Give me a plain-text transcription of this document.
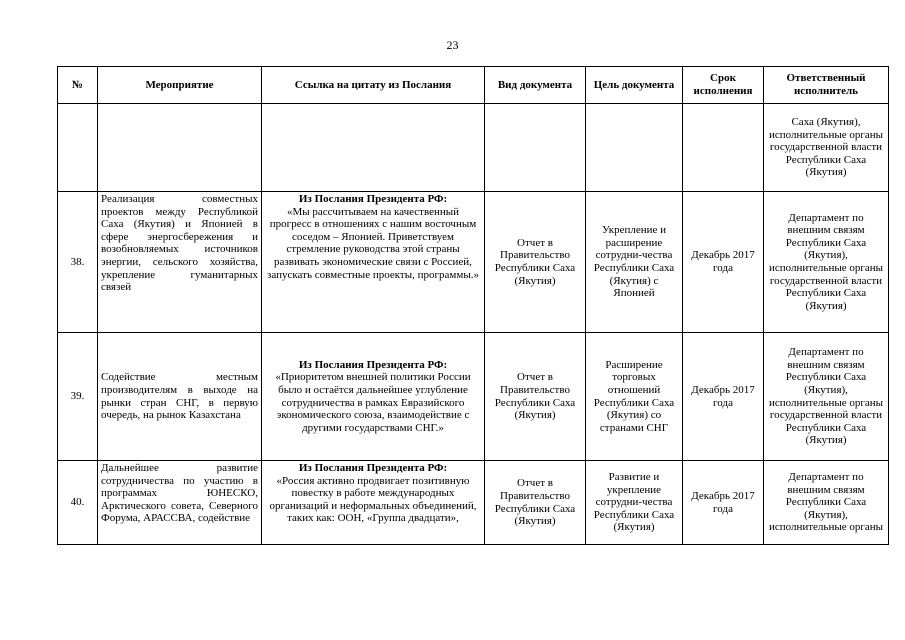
23
№	Мероприятие	Ссылка на цитату из Послания	Вид документа	Цель документа	Срок исполнения	Ответственный исполнитель
						Саха (Якутия), исполнительные органы государственной власти Республики Саха (Якутия)
38.	Реализация совместных проектов между Республикой Саха (Якутия) и Японией в сфере энергосбережения и возобновляемых источников энергии, сельского хозяйства, укрепление гуманитарных связей	Из Послания Президента РФ:
«Мы рассчитываем на качественный прогресс в отношениях с нашим восточным соседом – Японией. Приветствуем стремление руководства этой страны развивать экономические связи с Россией, запускать совместные проекты, программы.»	Отчет в Правительство Республики Саха (Якутия)	Укрепление и расширение сотрудни-чества Республики Саха (Якутия) с Японией	Декабрь 2017 года	Департамент по внешним связям Республики Саха (Якутия), исполнительные органы государственной власти Республики Саха (Якутия)
39.	Содействие местным производителям в выходе на рынки стран СНГ, в первую очередь, на рынок Казахстана	Из Послания Президента РФ:
«Приоритетом внешней политики России было и остаётся дальнейшее углубление сотрудничества в рамках Евразийского экономического союза, взаимодействие с другими государствами СНГ.»	Отчет в Правительство Республики Саха (Якутия)	Расширение торговых отношений Республики Саха (Якутия) со странами СНГ	Декабрь 2017 года	Департамент по внешним связям Республики Саха (Якутия), исполнительные органы государственной власти Республики Саха (Якутия)
40.	Дальнейшее развитие сотрудничества по участию в программах ЮНЕСКО, Арктического совета, Северного Форума, АРАССВА, содействие	Из Послания Президента РФ:
«Россия активно продвигает позитивную повестку в работе международных организаций и неформальных объединений, таких как: ООН, «Группа двадцати»,	Отчет в Правительство Республики Саха (Якутия)	Развитие и укрепление сотрудни-чества Республики Саха (Якутия)	Декабрь 2017 года	Департамент по внешним связям Республики Саха (Якутия), исполнительные органы
